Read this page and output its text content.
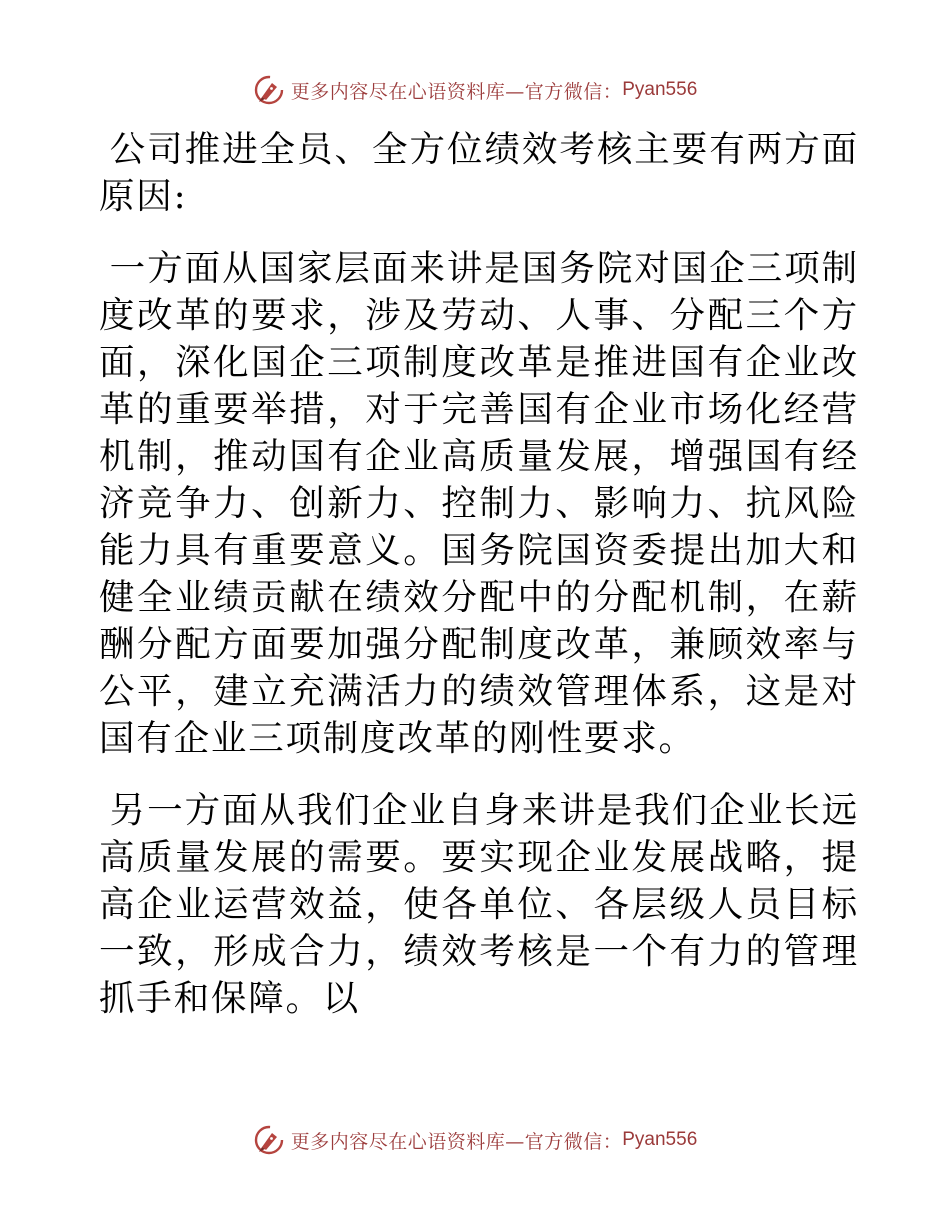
更多内容尽在心语资料库—官方微信： Pyan556

公司推进全员、全方位绩效考核主要有两方面原因:

一方面从国家层面来讲是国务院对国企三项制度改革的要求，涉及劳动、人事、分配三个方面，深化国企三项制度改革是推进国有企业改革的重要举措，对于完善国有企业市场化经营机制，推动国有企业高质量发展，增强国有经济竞争力、创新力、控制力、影响力、抗风险能力具有重要意义。国务院国资委提出加大和健全业绩贡献在绩效分配中的分配机制，在薪酬分配方面要加强分配制度改革，兼顾效率与公平，建立充满活力的绩效管理体系，这是对国有企业三项制度改革的刚性要求。

另一方面从我们企业自身来讲是我们企业长远高质量发展的需要。要实现企业发展战略，提高企业运营效益，使各单位、各层级人员目标一致，形成合力，绩效考核是一个有力的管理抓手和保障。以

更多内容尽在心语资料库—官方微信： Pyan556
